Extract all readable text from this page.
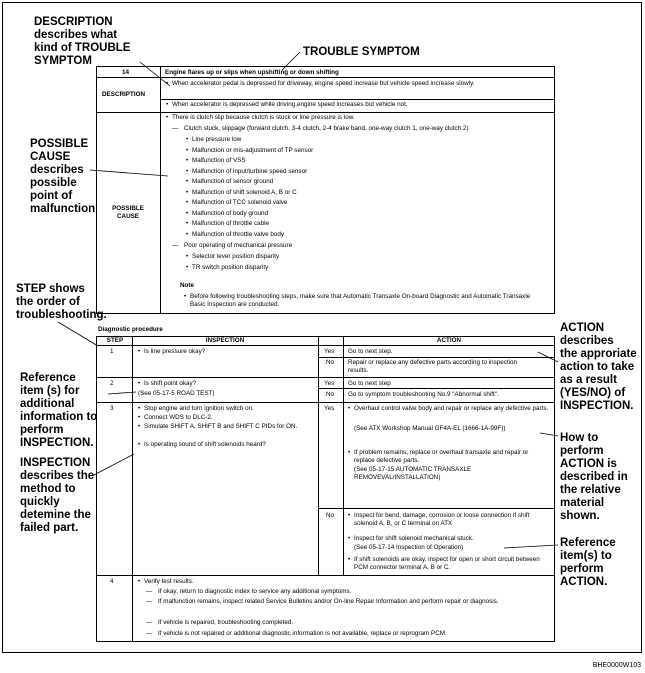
DESCRIPTION
describes what
kind of TROUBLE
SYMPTOM
TROUBLE SYMPTOM
POSSIBLE
CAUSE
describes
possible
point of
malfunction
STEP shows
the order of
troubleshooting.
Reference
item (s) for
additional
information to
perform
INSPECTION.
INSPECTION
describes the
method to
quickly
detemine the
failed part.
ACTION
describes
the approriate
action to take
as a result
(YES/NO) of
INSPECTION.
How to
perform
ACTION is
described in
the relative
material
shown.
Reference
item(s) to
perform
ACTION.
14	Engine flares up or slips when upshifting or down shifting
DESCRIPTION
• When accelerator pedal is depressed for driveway, engine speed increase but vehicle speed increase slowly.
• When accelerator is depressed while driving,engine speed increases but vehicle not.
POSSIBLE
CAUSE
• There is clutch slip because clutch is stuck or line pressure is low.
— Clutch stuck, slippage (forward clutch, 3-4 clutch, 2-4 brake band, one-way clutch 1, one-way clutch 2)
• Line pressure low
• Malfunction or mis-adjustment of TP sensor
• Malfunction of VSS
• Malfunction of input/turbine speed sensor
• Malfunction of sensor ground
• Malfunction of shift solenoid A, B or C
• Malfunction of TCC solenoid valve
• Malfunction of body ground
• Malfunction of throttle cable
• Malfunction of throttle valve body
— Poor operating of mechanical pressure
• Selector lever position disparity
• TR switch position disparity
Note
• Before following troubleshooting steps, make sure that Automatic Transaxle On-board Diagnostic and Automatic Transaxle Basic Inspection are conducted.
Diagnostic procedure
STEP	INSPECTION	ACTION
1	• Is line pressure okay?	Yes Go to next step.
No Repair or replace any defective parts according to inspection results.
2	• Is shift point okay?
(See 05-17-5 ROAD TEST)
Yes Go to next step
No Go to symptom troubleshooting No.9 "Abnormal shift".
3	• Stop engine and turn ignition switch on.
• Connect WDS to DLC-2.
• Simulate SHIFT A, SHIFT B and SHIFT C PIDs for ON.
• Is operating sound of shift solenoids heard?
Yes • Overhaul control valve body and repair or replace any defective parts.
(See ATX Workshop Manual GF4A-EL (1666-1A-99F))
• If problem remains, replace or overhaul transaxle and repair or replace defective parts.
(See 05-17-15 AUTOMATIC TRANSAXLE REMOVEVAL/INSTALLATION)
No • Inspect for bend, damage, corrosion or loose connection if shift solenoid A, B, or C terminal on ATX
• Inspect for shift solenoid mechanical stuck.
(See 05-17-14 Inspection of Operation)
• If shift solenoids are okay, inspect for open or short circuit between PCM connector terminal A, B or C.
4	• Verify test results.
— If okay, return to diagnostic index to service any additional symptoms.
— If malfunction remains, inspect related Service Bulletins and/or On-line Repair Information and perform repair or diagnosis.
— If vehicle is repaired, troubleshooting completed.
— If vehicle is not repaired or additional diagnostic information is not available, replace or reprogram PCM.
BHE0000W103
